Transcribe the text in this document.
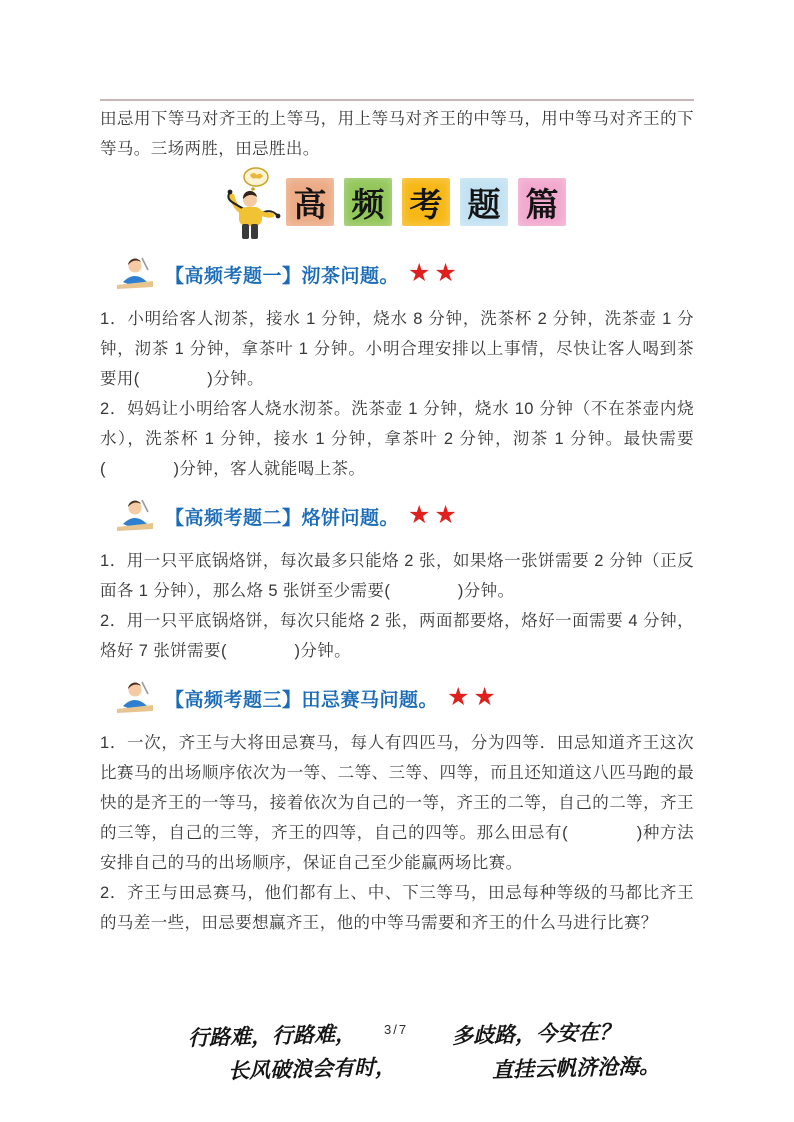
田忌用下等马对齐王的上等马，用上等马对齐王的中等马，用中等马对齐王的下等马。三场两胜，田忌胜出。

高 频 考 题 篇
【高频考题一】沏茶问题。 ★★

1．小明给客人沏茶，接水 1 分钟，烧水 8 分钟，洗茶杯 2 分钟，洗茶壶 1 分钟，沏茶 1 分钟，拿茶叶 1 分钟。小明合理安排以上事情，尽快让客人喝到茶要用(　　　　)分钟。

2．妈妈让小明给客人烧水沏茶。洗茶壶 1 分钟，烧水 10 分钟（不在茶壶内烧水），洗茶杯 1 分钟，接水 1 分钟，拿茶叶 2 分钟，沏茶 1 分钟。最快需要(　　　　)分钟，客人就能喝上茶。

【高频考题二】烙饼问题。 ★★

1．用一只平底锅烙饼，每次最多只能烙 2 张，如果烙一张饼需要 2 分钟（正反面各 1 分钟），那么烙 5 张饼至少需要(　　　　)分钟。

2．用一只平底锅烙饼，每次只能烙 2 张，两面都要烙，烙好一面需要 4 分钟，烙好 7 张饼需要(　　　　)分钟。

【高频考题三】田忌赛马问题。 ★★

1．一次，齐王与大将田忌赛马，每人有四匹马，分为四等．田忌知道齐王这次比赛马的出场顺序依次为一等、二等、三等、四等，而且还知道这八匹马跑的最快的是齐王的一等马，接着依次为自己的一等，齐王的二等，自己的二等，齐王的三等，自己的三等，齐王的四等，自己的四等。那么田忌有(　　　　)种方法安排自己的马的出场顺序，保证自己至少能赢两场比赛。

2．齐王与田忌赛马，他们都有上、中、下三等马，田忌每种等级的马都比齐王的马差一些，田忌要想赢齐王，他的中等马需要和齐王的什么马进行比赛？

行路难，行路难，
长风破浪会有时，
3/7 多歧路，今安在？
直挂云帆济沧海。
